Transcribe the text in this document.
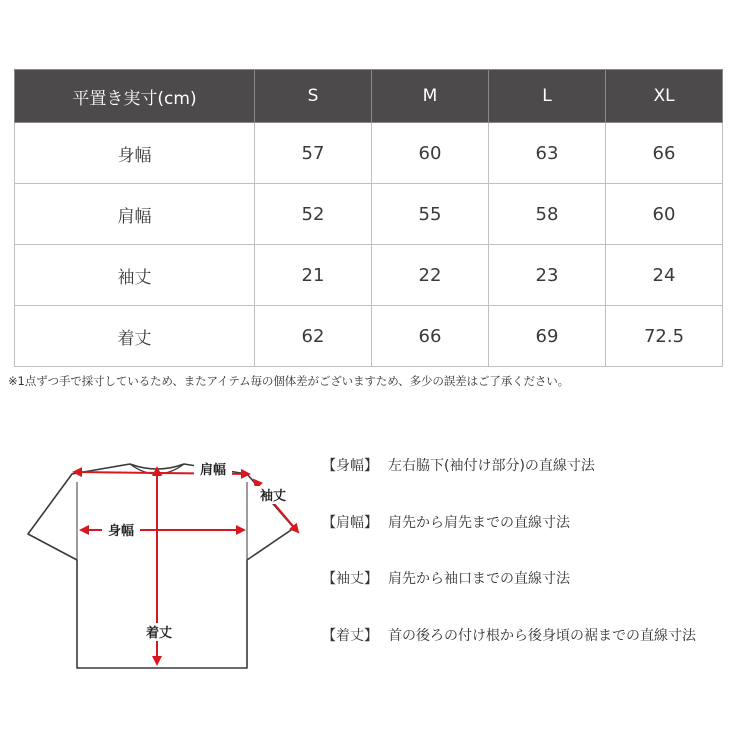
平置き実寸(cm)	S	M	L	XL
身幅	57	60	63	66
肩幅	52	55	58	60
袖丈	21	22	23	24
着丈	62	66	69	72.5
※1点ずつ手で採寸しているため、またアイテム毎の個体差がございますため、多少の誤差はご了承ください。
肩幅
袖丈
身幅
着丈
【身幅】 左右脇下(袖付け部分)の直線寸法
【肩幅】 肩先から肩先までの直線寸法
【袖丈】 肩先から袖口までの直線寸法
【着丈】 首の後ろの付け根から後身頃の裾までの直線寸法
